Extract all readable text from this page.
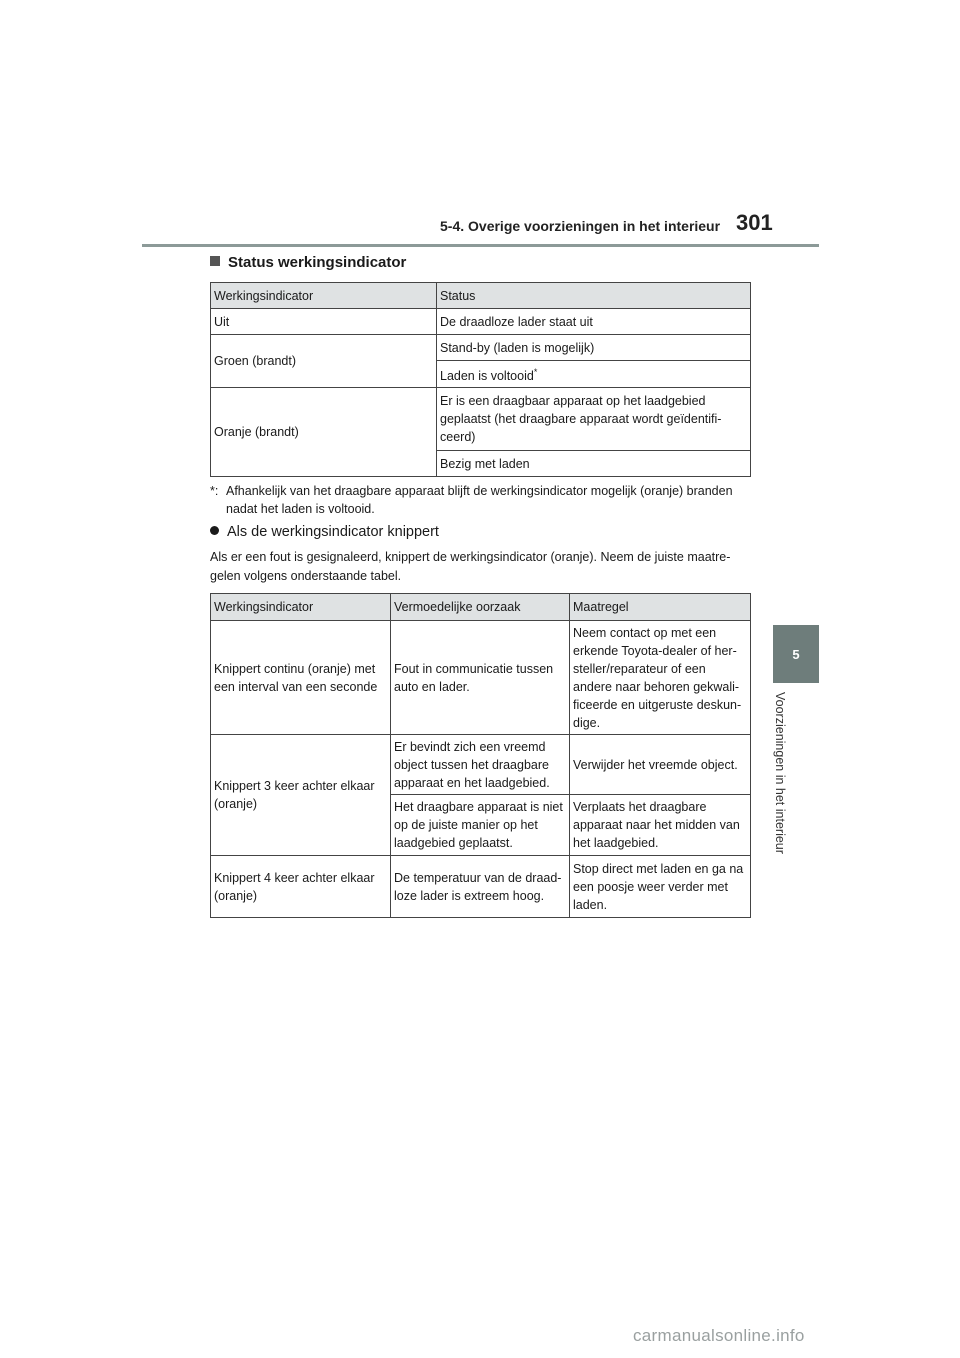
5-4. Overige voorzieningen in het interieur 301
5
Voorzieningen in het interieur
Status werkingsindicator
Werkingsindicator	Status
Uit	De draadloze lader staat uit
Groen (brandt)	Stand-by (laden is mogelijk)
	Laden is voltooid*
Oranje (brandt)	Er is een draagbaar apparaat op het laadgebied geplaatst (het draagbare apparaat wordt geïdentifi-ceerd)
	Bezig met laden
*: Afhankelijk van het draagbare apparaat blijft de werkingsindicator mogelijk (oranje) branden nadat het laden is voltooid.
Als de werkingsindicator knippert
Als er een fout is gesignaleerd, knippert de werkingsindicator (oranje). Neem de juiste maatre-gelen volgens onderstaande tabel.
Werkingsindicator	Vermoedelijke oorzaak	Maatregel
Knippert continu (oranje) met een interval van een seconde	Fout in communicatie tussen auto en lader.	Neem contact op met een erkende Toyota-dealer of her-steller/reparateur of een andere naar behoren gekwali-ficeerde en uitgeruste deskun-dige.
Knippert 3 keer achter elkaar (oranje)	Er bevindt zich een vreemd object tussen het draagbare apparaat en het laadgebied.	Verwijder het vreemde object.
	Het draagbare apparaat is niet op de juiste manier op het laadgebied geplaatst.	Verplaats het draagbare apparaat naar het midden van het laadgebied.
Knippert 4 keer achter elkaar (oranje)	De temperatuur van de draad-loze lader is extreem hoog.	Stop direct met laden en ga na een poosje weer verder met laden.
carmanualsonline.info
